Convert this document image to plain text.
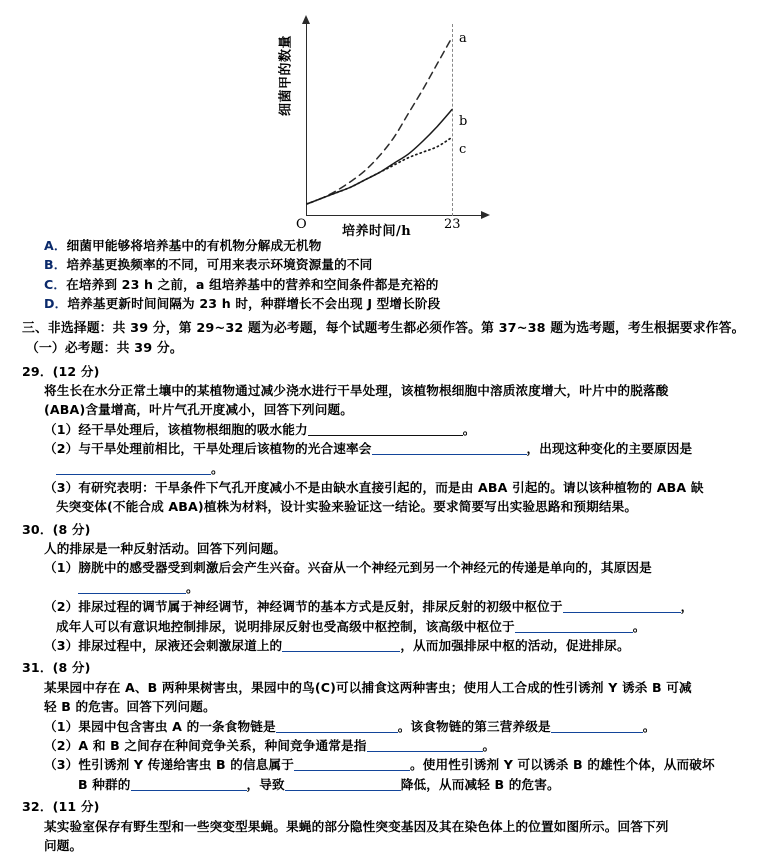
细菌甲的数量
培养时间/h
O	23
a
b
c
A．细菌甲能够将培养基中的有机物分解成无机物
B．培养基更换频率的不同，可用来表示环境资源量的不同
C．在培养到 23 h 之前，a 组培养基中的营养和空间条件都是充裕的
D．培养基更新时间间隔为 23 h 时，种群增长不会出现 J 型增长阶段
三、非选择题：共 39 分，第 29~32 题为必考题，每个试题考生都必须作答。第 37~38 题为选考题，考生根据要求作答。
（一）必考题：共 39 分。
29．(12 分)
将生长在水分正常土壤中的某植物通过减少浇水进行干旱处理，该植物根细胞中溶质浓度增大，叶片中的脱落酸
(ABA)含量增高，叶片气孔开度减小，回答下列问题。
（1）经干旱处理后，该植物根细胞的吸水能力	。
（2）与干旱处理前相比，干旱处理后该植物的光合速率会	，出现这种变化的主要原因是
。
（3）有研究表明：干旱条件下气孔开度减小不是由缺水直接引起的，而是由 ABA 引起的。请以该种植物的 ABA 缺
失突变体(不能合成 ABA)植株为材料，设计实验来验证这一结论。要求简要写出实验思路和预期结果。
30．(8 分)
人的排尿是一种反射活动。回答下列问题。
（1）膀胱中的感受器受到刺激后会产生兴奋。兴奋从一个神经元到另一个神经元的传递是单向的，其原因是
。
（2）排尿过程的调节属于神经调节，神经调节的基本方式是反射，排尿反射的初级中枢位于	，
成年人可以有意识地控制排尿，说明排尿反射也受高级中枢控制，该高级中枢位于	。
（3）排尿过程中，尿液还会刺激尿道上的	，从而加强排尿中枢的活动，促进排尿。
31．(8 分)
某果园中存在 A、B 两种果树害虫，果园中的鸟(C)可以捕食这两种害虫；使用人工合成的性引诱剂 Y 诱杀 B 可减
轻 B 的危害。回答下列问题。
（1）果园中包含害虫 A 的一条食物链是	。该食物链的第三营养级是	。
（2）A 和 B 之间存在种间竞争关系，种间竞争通常是指	。
（3）性引诱剂 Y 传递给害虫 B 的信息属于	。使用性引诱剂 Y 可以诱杀 B 的雄性个体，从而破坏
B 种群的	，导致	降低，从而减轻 B 的危害。
32．(11 分)
某实验室保存有野生型和一些突变型果蝇。果蝇的部分隐性突变基因及其在染色体上的位置如图所示。回答下列
问题。
